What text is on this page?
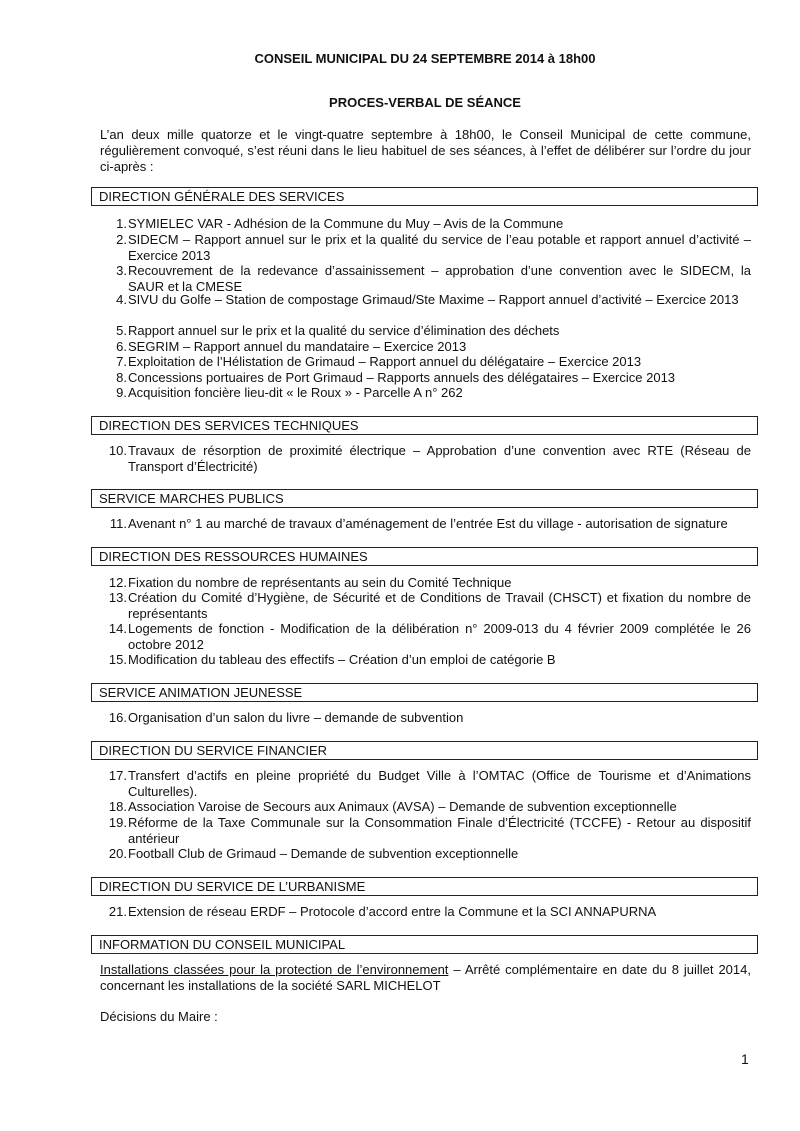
CONSEIL MUNICIPAL DU 24 SEPTEMBRE 2014 à 18h00
PROCES-VERBAL DE SÉANCE
L’an deux mille quatorze et le vingt-quatre septembre à 18h00, le Conseil Municipal de cette commune, régulièrement convoqué, s’est réuni dans le lieu habituel de ses séances, à l’effet de délibérer sur l’ordre du jour ci-après :
DIRECTION GÉNÉRALE DES SERVICES
1. SYMIELEC VAR - Adhésion de la Commune du Muy – Avis de la Commune
2. SIDECM – Rapport annuel sur le prix et la qualité du service de l’eau potable et rapport annuel d’activité – Exercice 2013
3. Recouvrement de la redevance d’assainissement – approbation d’une convention avec le SIDECM, la SAUR et la CMESE
4. SIVU du Golfe – Station de compostage Grimaud/Ste Maxime – Rapport annuel d’activité – Exercice 2013
5. Rapport annuel sur le prix et la qualité du service d’élimination des déchets
6. SEGRIM – Rapport annuel du mandataire – Exercice 2013
7. Exploitation de l’Hélistation de Grimaud – Rapport annuel du délégataire – Exercice 2013
8. Concessions portuaires de Port Grimaud – Rapports annuels des délégataires – Exercice 2013
9. Acquisition foncière lieu-dit « le Roux » - Parcelle A n° 262
DIRECTION DES SERVICES TECHNIQUES
10. Travaux de résorption de proximité électrique – Approbation d’une convention avec RTE (Réseau de Transport d’Électricité)
SERVICE MARCHES PUBLICS
11. Avenant n° 1 au marché de travaux d’aménagement de l’entrée Est du village - autorisation de signature
DIRECTION DES RESSOURCES HUMAINES
12. Fixation du nombre de représentants au sein du Comité Technique
13. Création du Comité d’Hygiène, de Sécurité et de Conditions de Travail (CHSCT) et fixation du nombre de représentants
14. Logements de fonction - Modification de la délibération n° 2009-013 du 4 février 2009 complétée le 26 octobre 2012
15. Modification du tableau des effectifs – Création d’un emploi de catégorie B
SERVICE ANIMATION JEUNESSE
16. Organisation d’un salon du livre – demande de subvention
DIRECTION DU SERVICE FINANCIER
17. Transfert d’actifs en pleine propriété du Budget Ville à l’OMTAC (Office de Tourisme et d’Animations Culturelles).
18. Association Varoise de Secours aux Animaux (AVSA) – Demande de subvention exceptionnelle
19. Réforme de la Taxe Communale sur la Consommation Finale d’Électricité (TCCFE) - Retour au dispositif antérieur
20. Football Club de Grimaud – Demande de subvention exceptionnelle
DIRECTION DU SERVICE DE L’URBANISME
21. Extension de réseau ERDF – Protocole d’accord entre la Commune et la SCI ANNAPURNA
INFORMATION DU CONSEIL MUNICIPAL
Installations classées pour la protection de l’environnement – Arrêté complémentaire en date du 8 juillet 2014, concernant les installations de la société SARL MICHELOT
Décisions du Maire :
1
